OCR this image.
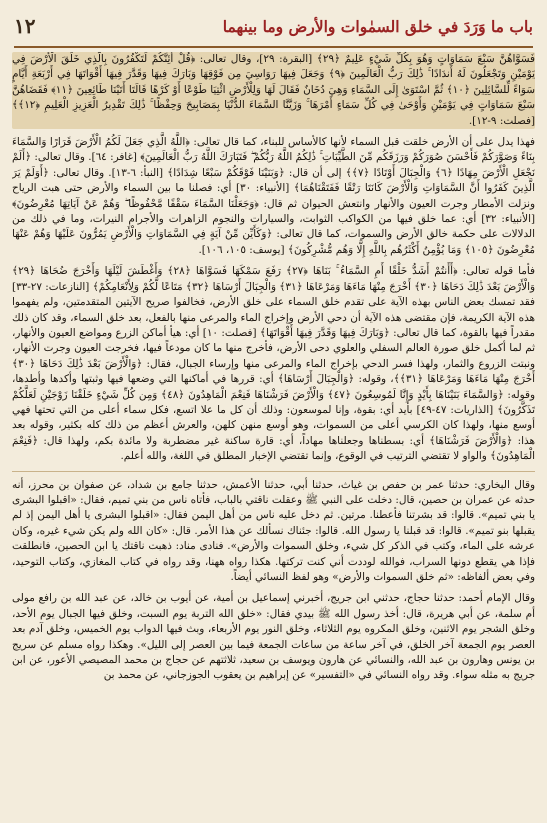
باب ما وَرَدَ في خلق السمٰوات والأرض وما بينهما
١٢

فَسَوَّاهُنَّ سَبْعَ سَمَاوَاتٍ وَهُوَ بِكُلِّ شَيْءٍ عَلِيمٌ ﴿٢٩﴾ [البقرة: ٢٩]، وقال تعالى: ﴿قُلْ أَئِنَّكُمْ لَتَكْفُرُونَ بِالَّذِي خَلَقَ الْأَرْضَ فِي يَوْمَيْنِ وَتَجْعَلُونَ لَهُ أَندَادًا ۚ ذَٰلِكَ رَبُّ الْعَالَمِينَ ﴿٩﴾ وَجَعَلَ فِيهَا رَوَاسِيَ مِن فَوْقِهَا وَبَارَكَ فِيهَا وَقَدَّرَ فِيهَا أَقْوَاتَهَا فِي أَرْبَعَةِ أَيَّامٍ سَوَاءً لِّلسَّائِلِينَ ﴿١٠﴾ ثُمَّ اسْتَوَىٰ إِلَى السَّمَاءِ وَهِيَ دُخَانٌ فَقَالَ لَهَا وَلِلْأَرْضِ ائْتِيَا طَوْعًا أَوْ كَرْهًا قَالَتَا أَتَيْنَا طَائِعِينَ ﴿١١﴾ فَقَضَاهُنَّ سَبْعَ سَمَاوَاتٍ فِي يَوْمَيْنِ وَأَوْحَىٰ فِي كُلِّ سَمَاءٍ أَمْرَهَا ۚ وَزَيَّنَّا السَّمَاءَ الدُّنْيَا بِمَصَابِيحَ وَحِفْظًا ۚ ذَٰلِكَ تَقْدِيرُ الْعَزِيزِ الْعَلِيمِ ﴿١٢﴾﴾ [فصلت: ٩-١٢].

فهذا يدل على أن الأرض خلقت قبل السماء لأنها كالأساس للبناء، كما قال تعالى: ﴿اللَّهُ الَّذِي جَعَلَ لَكُمُ الْأَرْضَ قَرَارًا وَالسَّمَاءَ بِنَاءً وَصَوَّرَكُمْ فَأَحْسَنَ صُوَرَكُمْ وَرَزَقَكُم مِّنَ الطَّيِّبَاتِ ۚ ذَٰلِكُمُ اللَّهُ رَبُّكُمْ ۖ فَتَبَارَكَ اللَّهُ رَبُّ الْعَالَمِينَ﴾ [غافر: ٦٤]. وقال تعالى: ﴿أَلَمْ نَجْعَلِ الْأَرْضَ مِهَادًا ﴿٦﴾ وَالْجِبَالَ أَوْتَادًا ﴿٧﴾﴾ إلى أن قال: ﴿وَبَنَيْنَا فَوْقَكُمْ سَبْعًا شِدَادًا﴾ [النبأ: ٦-١٣]. وقال تعالى: ﴿أَوَلَمْ يَرَ الَّذِينَ كَفَرُوا أَنَّ السَّمَاوَاتِ وَالْأَرْضَ كَانَتَا رَتْقًا فَفَتَقْنَاهُمَا﴾ [الأنبياء: ٣٠] أي: فصلنا ما بين السماء والأرض حتى هبت الرياح ونزلت الأمطار وجرت العيون والأنهار وانتعش الحيوان ثم قال: ﴿وَجَعَلْنَا السَّمَاءَ سَقْفًا مَّحْفُوظًا ۖ وَهُمْ عَنْ آيَاتِهَا مُعْرِضُونَ﴾ [الأنبياء: ٣٢] أي: عما خلق فيها من الكواكب الثوابت، والسيارات والنجوم الزاهرات والأجرام النيرات، وما في ذلك من الدلالات على حكمة خالق الأرض والسموات، كما قال تعالى: ﴿وَكَأَيِّن مِّنْ آيَةٍ فِي السَّمَاوَاتِ وَالْأَرْضِ يَمُرُّونَ عَلَيْهَا وَهُمْ عَنْهَا مُعْرِضُونَ ﴿١٠٥﴾ وَمَا يُؤْمِنُ أَكْثَرُهُم بِاللَّهِ إِلَّا وَهُم مُّشْرِكُونَ﴾ [يوسف: ١٠٥، ١٠٦].

فأما قوله تعالى: ﴿أَأَنتُمْ أَشَدُّ خَلْقًا أَمِ السَّمَاءُ ۚ بَنَاهَا ﴿٢٧﴾ رَفَعَ سَمْكَهَا فَسَوَّاهَا ﴿٢٨﴾ وَأَغْطَشَ لَيْلَهَا وَأَخْرَجَ ضُحَاهَا ﴿٢٩﴾ وَالْأَرْضَ بَعْدَ ذَٰلِكَ دَحَاهَا ﴿٣٠﴾ أَخْرَجَ مِنْهَا مَاءَهَا وَمَرْعَاهَا ﴿٣١﴾ وَالْجِبَالَ أَرْسَاهَا ﴿٣٢﴾ مَتَاعًا لَّكُمْ وَلِأَنْعَامِكُمْ﴾ [النازعات: ٢٧-٣٣] فقد تمسك بعض الناس بهذه الآية على تقدم خلق السماء على خلق الأرض، فخالفوا صريح الآيتين المتقدمتين، ولم يفهموا هذه الآية الكريمة، فإن مقتضى هذه الآية أن دحي الأرض وإخراج الماء والمرعى منها بالفعل، بعد خلق السماء، وقد كان ذلك مقدراً فيها بالقوة، كما قال تعالى: ﴿وَبَارَكَ فِيهَا وَقَدَّرَ فِيهَا أَقْوَاتَهَا﴾ [فصلت: ١٠] أي: هيأ أماكن الزرع ومواضع العيون والأنهار، ثم لما أكمل خلق صورة العالم السفلي والعلوي دحى الأرض، فأخرج منها ما كان مودعاً فيها، فخرجت العيون وجرت الأنهار، ونبتت الزروع والثمار، ولهذا فسر الدحي بإخراج الماء والمرعى منها وإرساء الجبال، فقال: ﴿وَالْأَرْضَ بَعْدَ ذَٰلِكَ دَحَاهَا ﴿٣٠﴾ أَخْرَجَ مِنْهَا مَاءَهَا وَمَرْعَاهَا ﴿٣١﴾﴾، وقوله: ﴿وَالْجِبَالَ أَرْسَاهَا﴾ أي: قررها في أماكنها التي وضعها فيها وثبتها وأكدها وأطدها، وقوله: ﴿وَالسَّمَاءَ بَنَيْنَاهَا بِأَيْدٍ وَإِنَّا لَمُوسِعُونَ ﴿٤٧﴾ وَالْأَرْضَ فَرَشْنَاهَا فَنِعْمَ الْمَاهِدُونَ ﴿٤٨﴾ وَمِن كُلِّ شَيْءٍ خَلَقْنَا زَوْجَيْنِ لَعَلَّكُمْ تَذَكَّرُونَ﴾ [الذاريات: ٤٧-٤٩] بأيد أي: بقوة، وإنا لموسعون: وذلك أن كل ما علا اتسع، فكل سماء أعلى من التي تحتها فهي أوسع منها، ولهذا كان الكرسي أعلى من السموات، وهو أوسع منهن كلهن، والعرش أعظم من ذلك كله بكثير، وقوله بعد هذا: ﴿وَالْأَرْضَ فَرَشْنَاهَا﴾ أي: بسطناها وجعلناها مهاداً، أي: قارة ساكنة غير مضطربة ولا مائدة بكم، ولهذا قال: ﴿فَنِعْمَ الْمَاهِدُونَ﴾ والواو لا تقتضي الترتيب في الوقوع، وإنما تقتضي الإخبار المطلق في اللغة، والله أعلم.

وقال البخاري: حدثنا عمر بن حفص بن غياث، حدثنا أبي، حدثنا الأعمش، حدثنا جامع بن شداد، عن صفوان بن محرز، أنه حدثه عن عمران بن حصين، قال: دخلت على النبي ﷺ وعقلت ناقتي بالباب، فأتاه ناس من بني تميم، فقال: «اقبلوا البشرى يا بني تميم». قالوا: قد بشرتنا فأعطنا. مرتين. ثم دخل عليه ناس من أهل اليمن فقال: «اقبلوا البشرى يا أهل اليمن إذ لم يقبلها بنو تميم». قالوا: قد قبلنا يا رسول الله. قالوا: جئناك نسألك عن هذا الأمر. قال: «كان الله ولم يكن شيء غيره، وكان عرشه على الماء، وكتب في الذكر كل شيء، وخلق السموات والأرض». فنادى مناد: ذهبت ناقتك يا ابن الحصين، فانطلقت فإذا هي يقطع دونها السراب، فوالله لوددت أني كنت تركتها. هكذا رواه ههنا، وقد رواه في كتاب المغازي، وكتاب التوحيد، وفي بعض ألفاظه: «ثم خلق السموات والأرض» وهو لفظ النسائي أيضاً.

وقال الإمام أحمد: حدثنا حجاج، حدثني ابن جريج، أخبرني إسماعيل بن أمية، عن أيوب بن خالد، عن عبد الله بن رافع مولى أم سلمة، عن أبي هريرة، قال: أخذ رسول الله ﷺ بيدي فقال: «خلق الله التربة يوم السبت، وخلق فيها الجبال يوم الأحد، وخلق الشجر يوم الاثنين، وخلق المكروه يوم الثلاثاء، وخلق النور يوم الأربعاء، وبث فيها الدواب يوم الخميس، وخلق آدم بعد العصر يوم الجمعة آخر الخلق، في آخر ساعة من ساعات الجمعة فيما بين العصر إلى الليل». وهكذا رواه مسلم عن سريج بن يونس وهارون بن عبد الله، والنسائي عن هارون ويوسف بن سعيد، ثلاثتهم عن حجاج بن محمد المصيصي الأعور، عن ابن جريج به مثله سواء. وقد رواه النسائي في «التفسير» عن إبراهيم بن يعقوب الجوزجاني، عن محمد بن
